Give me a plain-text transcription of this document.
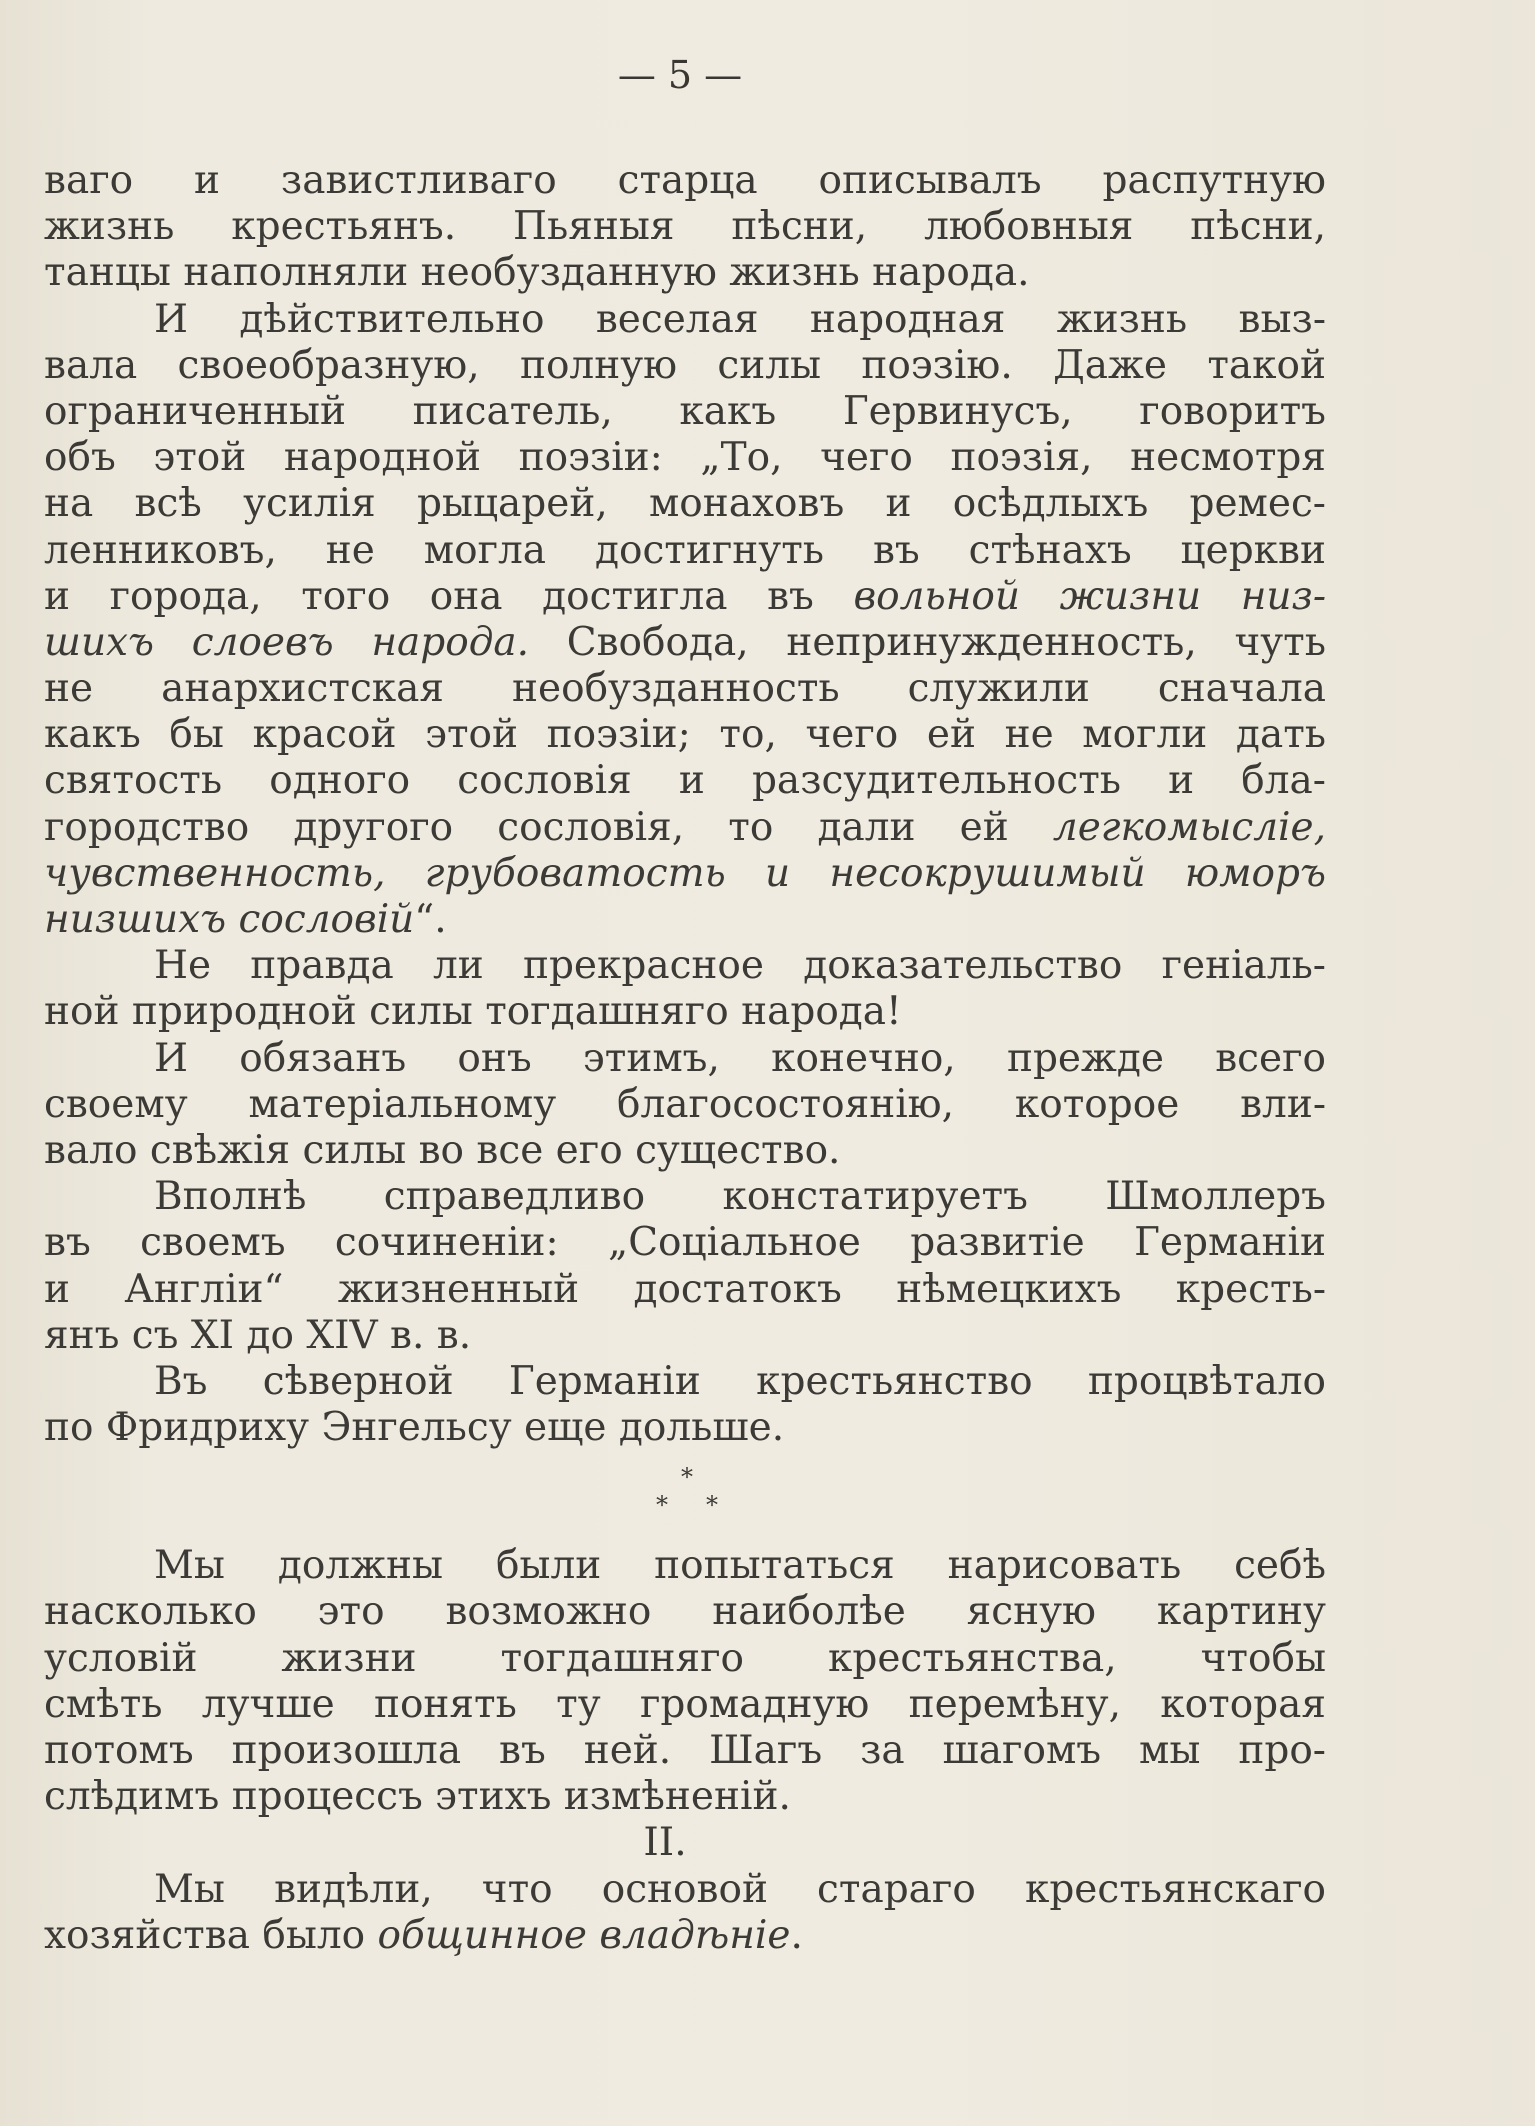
— 5 —
ваго и завистливаго старца описывалъ распутную
жизнь крестьянъ. Пьяныя пѣсни, любовныя пѣсни,
танцы наполняли необузданную жизнь народа.
И дѣйствительно веселая народная жизнь выз-
вала своеобразную, полную силы поэзію. Даже такой
ограниченный писатель, какъ Гервинусъ, говоритъ
объ этой народной поэзіи: „То, чего поэзія, несмотря
на всѣ усилія рыцарей, монаховъ и осѣдлыхъ ремес-
ленниковъ, не могла достигнуть въ стѣнахъ церкви
и города, того она достигла въ вольной жизни низ-
шихъ слоевъ народа. Свобода, непринужденность, чуть
не анархистская необузданность служили сначала
какъ бы красой этой поэзіи; то, чего ей не могли дать
святость одного сословія и разсудительность и бла-
городство другого сословія, то дали ей легкомысліе,
чувственность, грубоватость и несокрушимый юморъ
низшихъ сословій“.
Не правда ли прекрасное доказательство геніаль-
ной природной силы тогдашняго народа!
И обязанъ онъ этимъ, конечно, прежде всего
своему матеріальному благосостоянію, которое вли-
вало свѣжія силы во все его существо.
Вполнѣ справедливо констатируетъ Шмоллеръ
въ своемъ сочиненіи: „Соціальное развитіе Германіи
и Англіи“ жизненный достатокъ нѣмецкихъ кресть-
янъ съ XI до XIV в. в.
Въ сѣверной Германіи крестьянство процвѣтало
по Фридриху Энгельсу еще дольше.
*
* *
Мы должны были попытаться нарисовать себѣ
насколько это возможно наиболѣе ясную картину
условій жизни тогдашняго крестьянства, чтобы
смѣть лучше понять ту громадную перемѣну, которая
потомъ произошла въ ней. Шагъ за шагомъ мы про-
слѣдимъ процессъ этихъ измѣненій.
II.
Мы видѣли, что основой стараго крестьянскаго
хозяйства было общинное владѣніе.
